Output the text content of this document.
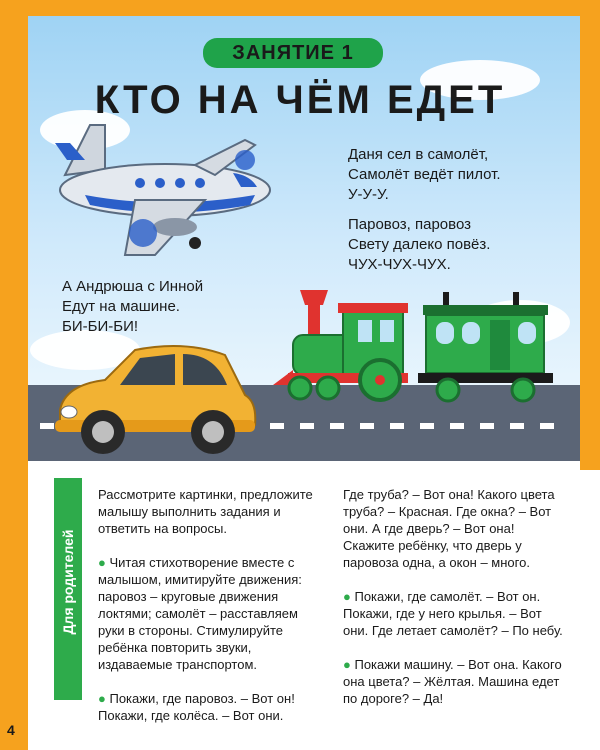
ЗАНЯТИЕ 1
КТО НА ЧЁМ ЕДЕТ
Даня сел в самолёт,
Самолёт ведёт пилот.
У-У-У.
Паровоз, паровоз
Свету далеко повёз.
ЧУХ-ЧУХ-ЧУХ.
А Андрюша с Инной
Едут на машине.
БИ-БИ-БИ!
Для родителей

Рассмотрите картинки, предложите малышу выполнить задания и ответить на вопросы.

● Читая стихотворение вместе с малышом, имитируйте движения: паровоз – круговые движения локтями; самолёт – расставляем руки в стороны. Стимулируйте ребёнка повторить звуки, издаваемые транспортом.

● Покажи, где паровоз. – Вот он! Покажи, где колёса. – Вот они.

Где труба? – Вот она! Какого цвета труба? – Красная. Где окна? – Вот они. А где дверь? – Вот она! Скажите ребёнку, что дверь у паровоза одна, а окон – много.

● Покажи, где самолёт. – Вот он. Покажи, где у него крылья. – Вот они. Где летает самолёт? – По небу.

● Покажи машину. – Вот она. Какого она цвета? – Жёлтая. Машина едет по дороге? – Да!

4
